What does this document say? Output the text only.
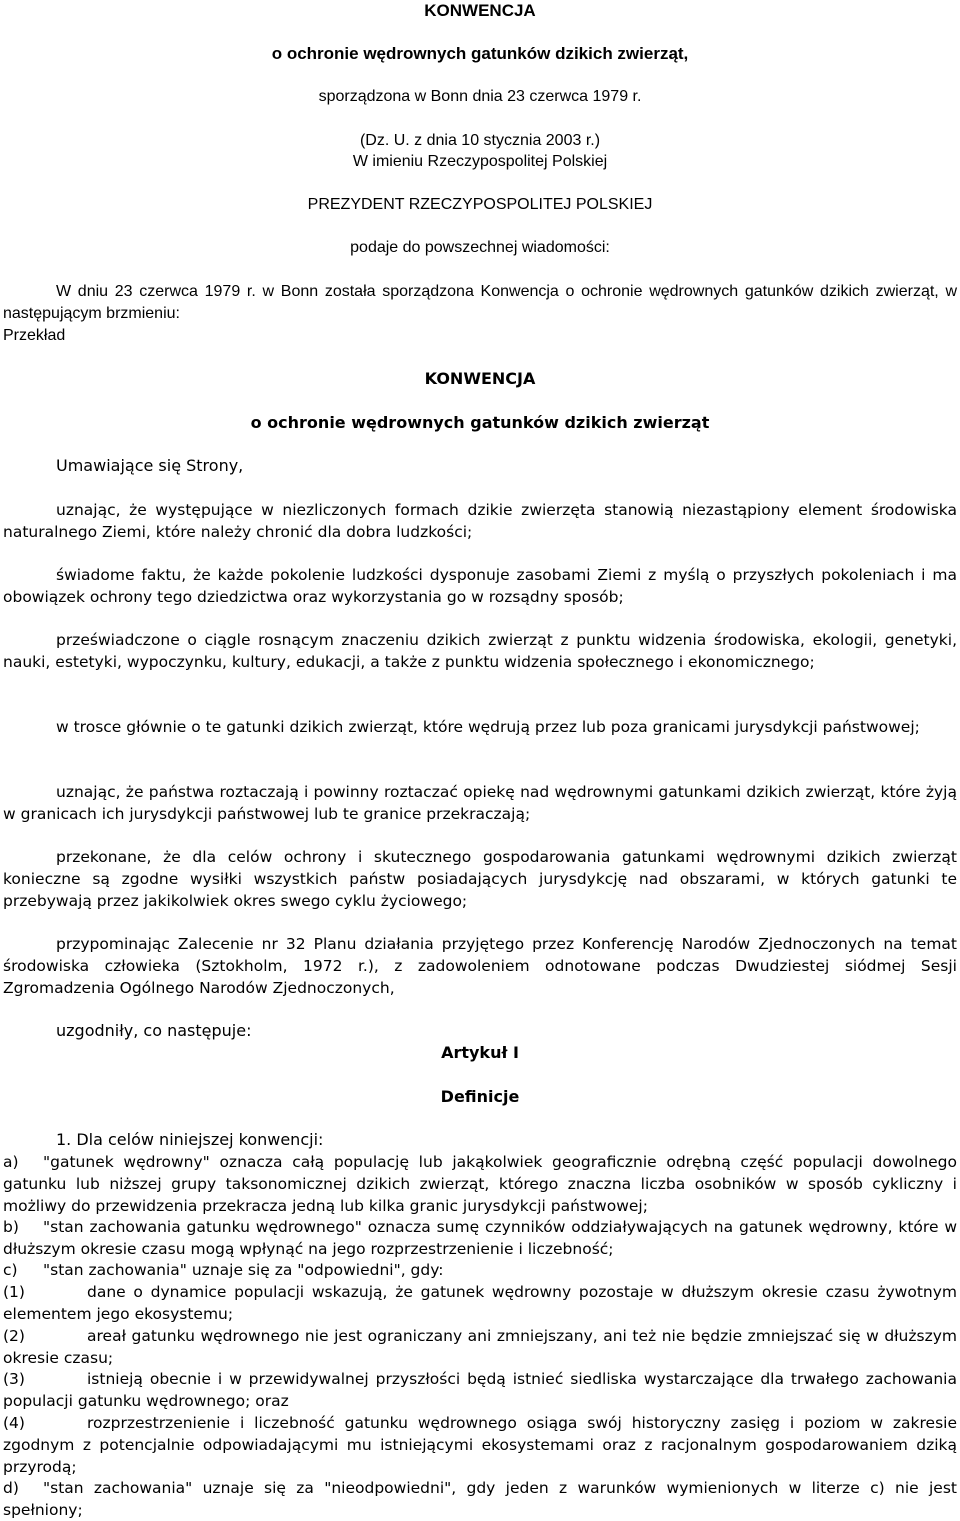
KONWENCJA
o ochronie wędrownych gatunków dzikich zwierząt,
sporządzona w Bonn dnia 23 czerwca 1979 r.
(Dz. U. z dnia 10 stycznia 2003 r.)
W imieniu Rzeczypospolitej Polskiej
PREZYDENT RZECZYPOSPOLITEJ POLSKIEJ
podaje do powszechnej wiadomości:

W dniu 23 czerwca 1979 r. w Bonn została sporządzona Konwencja o ochronie wędrownych gatunków dzikich zwierząt, w następującym brzmieniu:

Przekład
KONWENCJA
o ochronie wędrownych gatunków dzikich zwierząt
Umawiające się Strony,

uznając, że występujące w niezliczonych formach dzikie zwierzęta stanowią niezastąpiony element środowiska naturalnego Ziemi, które należy chronić dla dobra ludzkości;

świadome faktu, że każde pokolenie ludzkości dysponuje zasobami Ziemi z myślą o przyszłych pokoleniach i ma obowiązek ochrony tego dziedzictwa oraz wykorzystania go w rozsądny sposób;

przeświadczone o ciągle rosnącym znaczeniu dzikich zwierząt z punktu widzenia środowiska, ekologii, genetyki, nauki, estetyki, wypoczynku, kultury, edukacji, a także z punktu widzenia społecznego i ekonomicznego;

w trosce głównie o te gatunki dzikich zwierząt, które wędrują przez lub poza granicami jurysdykcji państwowej;

uznając, że państwa roztaczają i powinny roztaczać opiekę nad wędrownymi gatunkami dzikich zwierząt, które żyją w granicach ich jurysdykcji państwowej lub te granice przekraczają;

przekonane, że dla celów ochrony i skutecznego gospodarowania gatunkami wędrownymi dzikich zwierząt konieczne są zgodne wysiłki wszystkich państw posiadających jurysdykcję nad obszarami, w których gatunki te przebywają przez jakikolwiek okres swego cyklu życiowego;

przypominając Zalecenie nr 32 Planu działania przyjętego przez Konferencję Narodów Zjednoczonych na temat środowiska człowieka (Sztokholm, 1972 r.), z zadowoleniem odnotowane podczas Dwudziestej siódmej Sesji Zgromadzenia Ogólnego Narodów Zjednoczonych,

uzgodniły, co następuje:
Artykuł I
Definicje
1. Dla celów niniejszej konwencji:

a) "gatunek wędrowny" oznacza całą populację lub jakąkolwiek geograficznie odrębną część populacji dowolnego gatunku lub niższej grupy taksonomicznej dzikich zwierząt, którego znaczna liczba osobników w sposób cykliczny i możliwy do przewidzenia przekracza jedną lub kilka granic jurysdykcji państwowej;

b) "stan zachowania gatunku wędrownego" oznacza sumę czynników oddziaływających na gatunek wędrowny, które w dłuższym okresie czasu mogą wpłynąć na jego rozprzestrzenienie i liczebność;

c) "stan zachowania" uznaje się za "odpowiedni", gdy:

(1)	dane o dynamice populacji wskazują, że gatunek wędrowny pozostaje w dłuższym okresie czasu żywotnym elementem jego ekosystemu;

(2)	areał gatunku wędrownego nie jest ograniczany ani zmniejszany, ani też nie będzie zmniejszać się w dłuższym okresie czasu;

(3)	istnieją obecnie i w przewidywalnej przyszłości będą istnieć siedliska wystarczające dla trwałego zachowania populacji gatunku wędrownego; oraz

(4)	rozprzestrzenienie i liczebność gatunku wędrownego osiąga swój historyczny zasięg i poziom w zakresie zgodnym z potencjalnie odpowiadającymi mu istniejącymi ekosystemami oraz z racjonalnym gospodarowaniem dziką przyrodą;

d) "stan zachowania" uznaje się za "nieodpowiedni", gdy jeden z warunków wymienionych w literze c) nie jest spełniony;
